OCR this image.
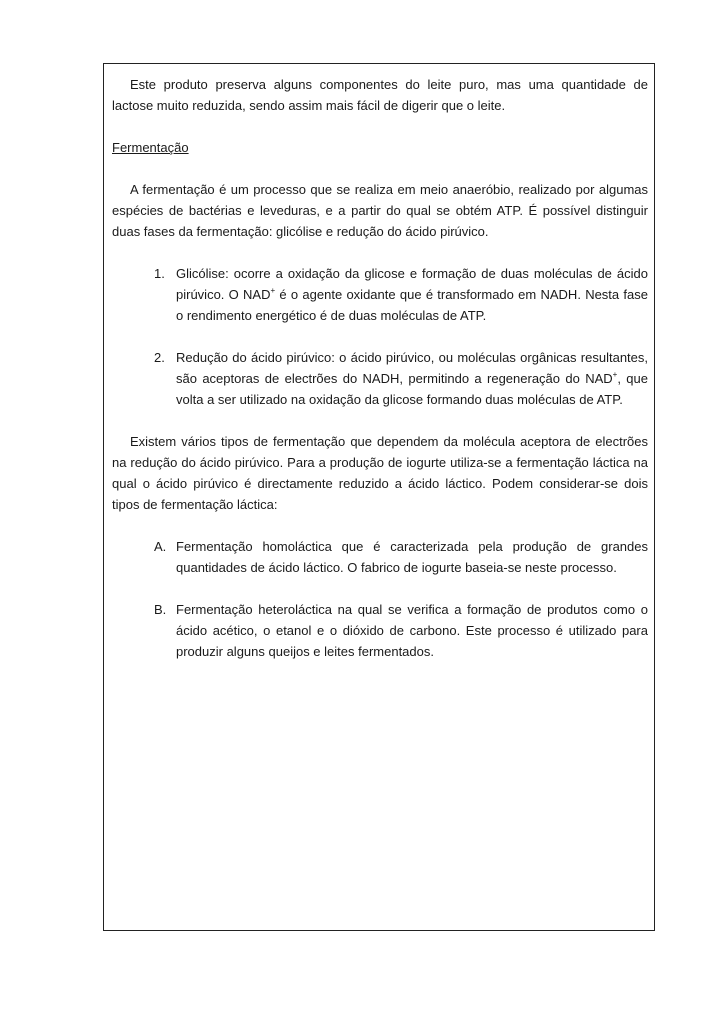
Este produto preserva alguns componentes do leite puro, mas uma quantidade de lactose muito reduzida, sendo assim mais fácil de digerir que o leite.

Fermentação

A fermentação é um processo que se realiza em meio anaeróbio, realizado por algumas espécies de bactérias e leveduras, e a partir do qual se obtém ATP. É possível distinguir duas fases da fermentação: glicólise e redução do ácido pirúvico.

1. Glicólise: ocorre a oxidação da glicose e formação de duas moléculas de ácido pirúvico. O NAD+ é o agente oxidante que é transformado em NADH. Nesta fase o rendimento energético é de duas moléculas de ATP.
2. Redução do ácido pirúvico: o ácido pirúvico, ou moléculas orgânicas resultantes, são aceptoras de electrões do NADH, permitindo a regeneração do NAD+, que volta a ser utilizado na oxidação da glicose formando duas moléculas de ATP.

Existem vários tipos de fermentação que dependem da molécula aceptora de electrões na redução do ácido pirúvico. Para a produção de iogurte utiliza-se a fermentação láctica na qual o ácido pirúvico é directamente reduzido a ácido láctico. Podem considerar-se dois tipos de fermentação láctica:

A. Fermentação homoláctica que é caracterizada pela produção de grandes quantidades de ácido láctico. O fabrico de iogurte baseia-se neste processo.
B. Fermentação heteroláctica na qual se verifica a formação de produtos como o ácido acético, o etanol e o dióxido de carbono. Este processo é utilizado para produzir alguns queijos e leites fermentados.
